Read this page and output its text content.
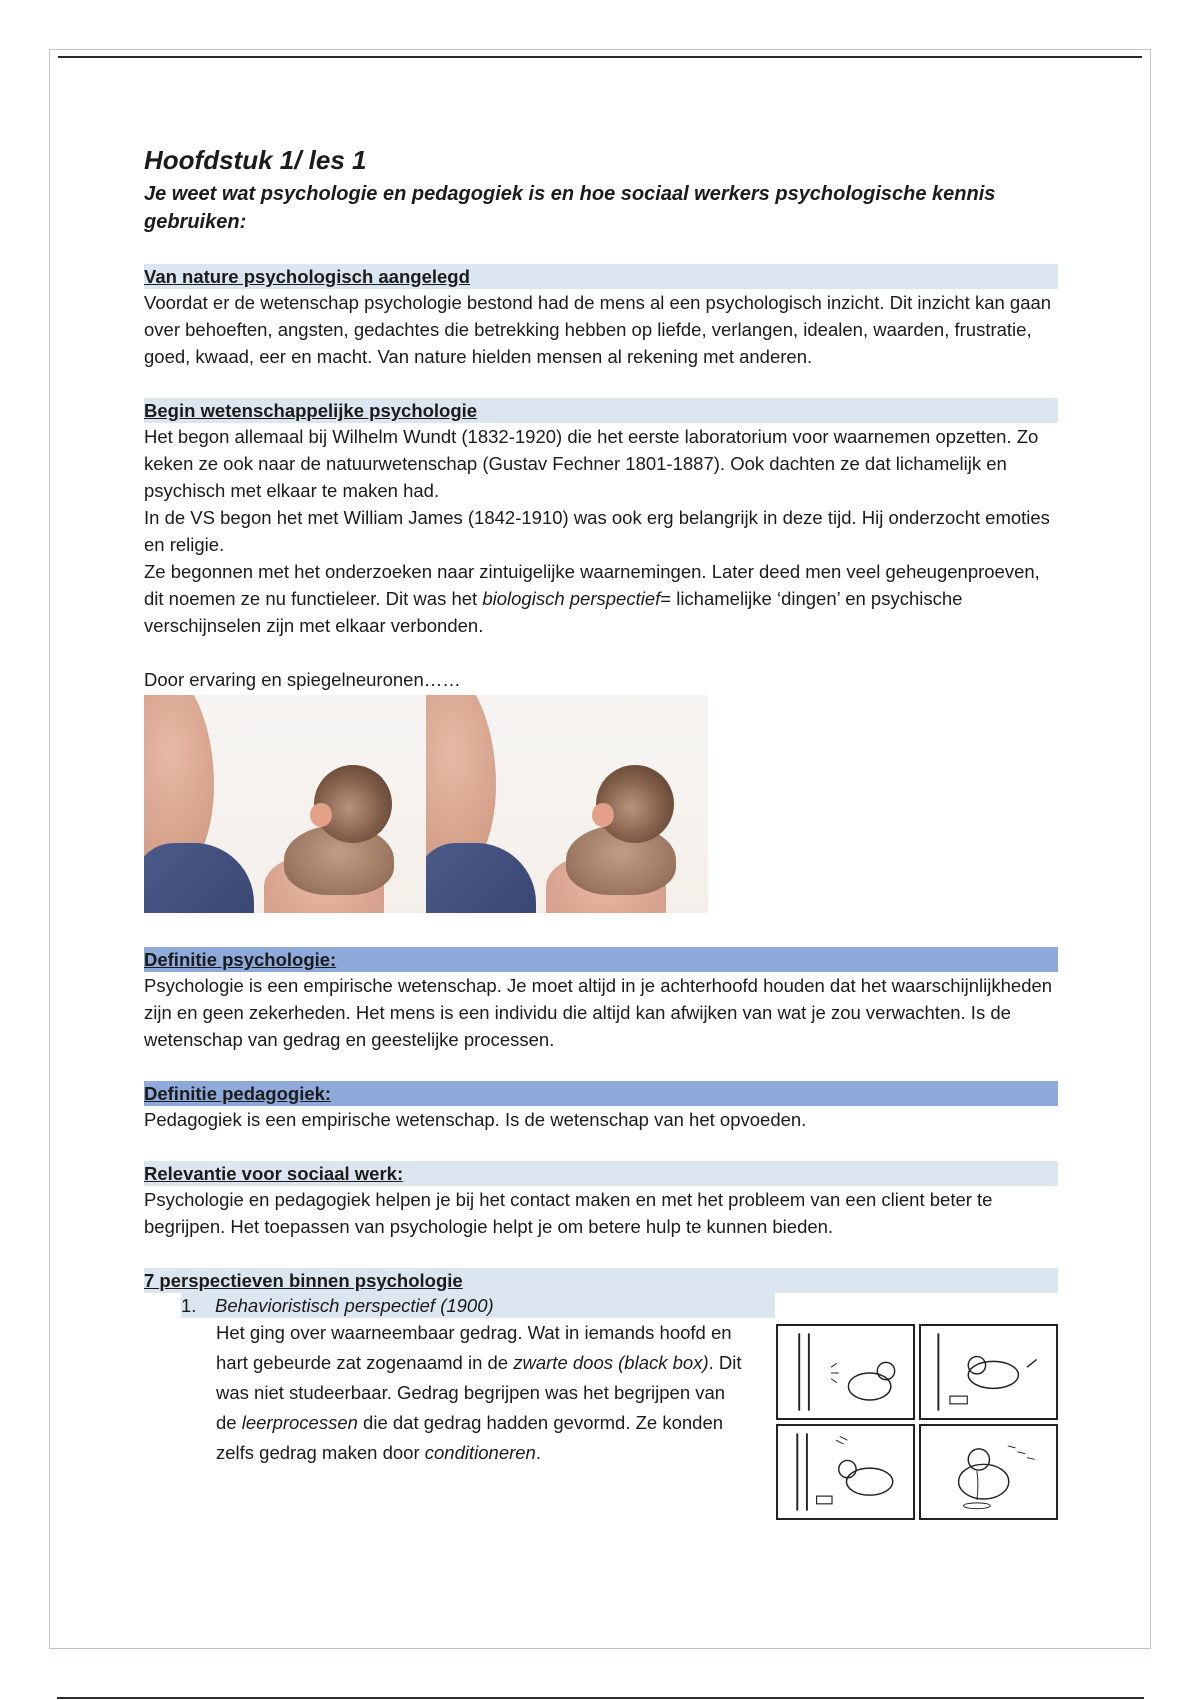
Hoofdstuk 1/ les 1

Je weet wat psychologie en pedagogiek is en hoe sociaal werkers psychologische kennis gebruiken:

Van nature psychologisch aangelegd

Voordat er de wetenschap psychologie bestond had de mens al een psychologisch inzicht. Dit inzicht kan gaan over behoeften, angsten, gedachtes die betrekking hebben op liefde, verlangen, idealen, waarden, frustratie, goed, kwaad, eer en macht. Van nature hielden mensen al rekening met anderen.

Begin wetenschappelijke psychologie

Het begon allemaal bij Wilhelm Wundt (1832-1920) die het eerste laboratorium voor waarnemen opzetten. Zo keken ze ook naar de natuurwetenschap (Gustav Fechner 1801-1887). Ook dachten ze dat lichamelijk en psychisch met elkaar te maken had.

In de VS begon het met William James (1842-1910) was ook erg belangrijk in deze tijd. Hij onderzocht emoties en religie.

Ze begonnen met het onderzoeken naar zintuigelijke waarnemingen. Later deed men veel geheugenproeven, dit noemen ze nu functieleer. Dit was het biologisch perspectief= lichamelijke ‘dingen’ en psychische verschijnselen zijn met elkaar verbonden.

Door ervaring en spiegelneuronen……

Definitie psychologie:

Psychologie is een empirische wetenschap. Je moet altijd in je achterhoofd houden dat het waarschijnlijkheden zijn en geen zekerheden. Het mens is een individu die altijd kan afwijken van wat je zou verwachten. Is de wetenschap van gedrag en geestelijke processen.

Definitie pedagogiek:

Pedagogiek is een empirische wetenschap. Is de wetenschap van het opvoeden.

Relevantie voor sociaal werk:

Psychologie en pedagogiek helpen je bij het contact maken en met het probleem van een client beter te begrijpen. Het toepassen van psychologie helpt je om betere hulp te kunnen bieden.

7 perspectieven binnen psychologie
1. Behavioristisch perspectief (1900)

Het ging over waarneembaar gedrag. Wat in iemands hoofd en hart gebeurde zat zogenaamd in de zwarte doos (black box). Dit was niet studeerbaar. Gedrag begrijpen was het begrijpen van de leerprocessen die dat gedrag hadden gevormd. Ze konden zelfs gedrag maken door conditioneren.
